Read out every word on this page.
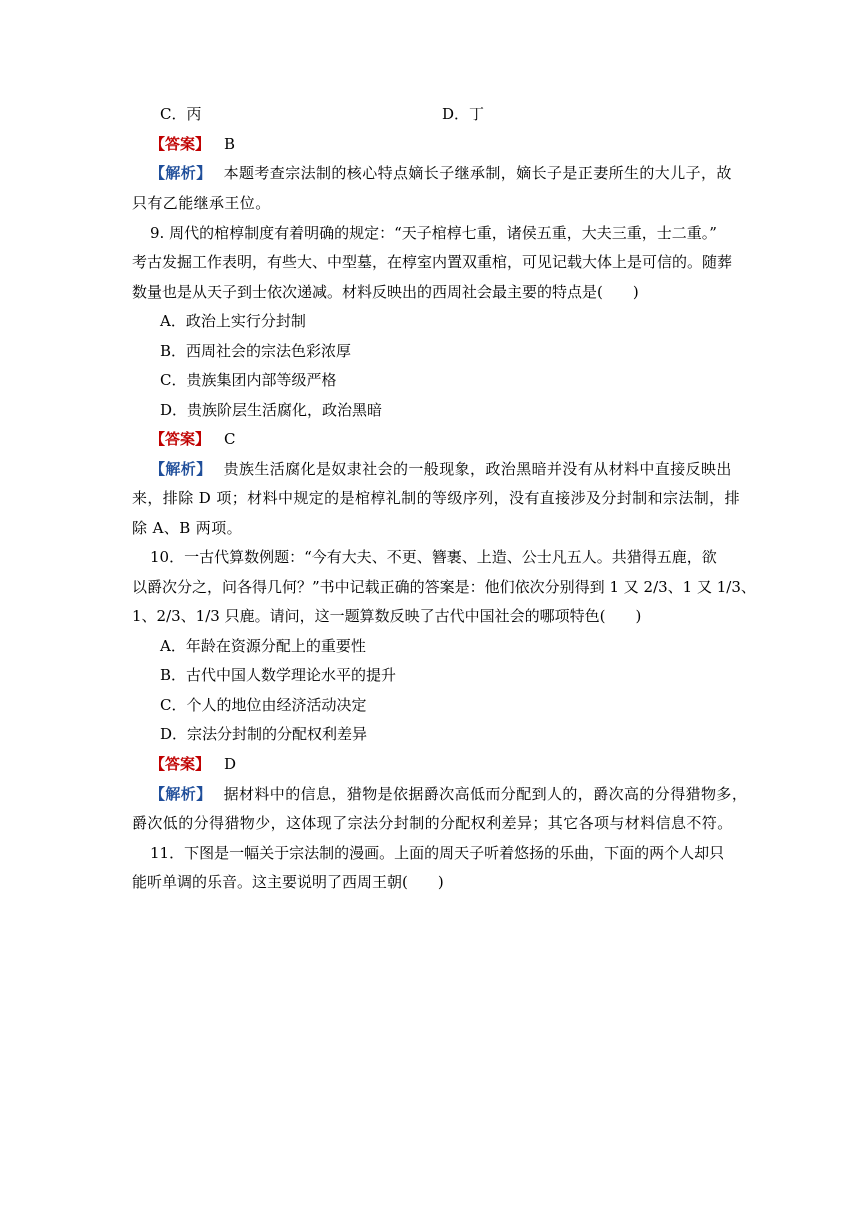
C．丙	D．丁
【答案】 B
【解析】 本题考查宗法制的核心特点嫡长子继承制，嫡长子是正妻所生的大儿子，故
只有乙能继承王位。
9. 周代的棺椁制度有着明确的规定：“天子棺椁七重，诸侯五重，大夫三重，士二重。”
考古发掘工作表明，有些大、中型墓，在椁室内置双重棺，可见记载大体上是可信的。随葬
数量也是从天子到士依次递减。材料反映出的西周社会最主要的特点是(　　)
A．政治上实行分封制
B．西周社会的宗法色彩浓厚
C．贵族集团内部等级严格
D．贵族阶层生活腐化，政治黑暗
【答案】 C
【解析】 贵族生活腐化是奴隶社会的一般现象，政治黑暗并没有从材料中直接反映出
来，排除 D 项；材料中规定的是棺椁礼制的等级序列，没有直接涉及分封制和宗法制，排
除 A、B 两项。
10．一古代算数例题：“今有大夫、不更、簪裹、上造、公士凡五人。共猎得五鹿，欲
以爵次分之，问各得几何？”书中记载正确的答案是：他们依次分别得到 1 又 2/3、1 又 1/3、
1、2/3、1/3 只鹿。请问，这一题算数反映了古代中国社会的哪项特色(　　)
A．年龄在资源分配上的重要性
B．古代中国人数学理论水平的提升
C．个人的地位由经济活动决定
D．宗法分封制的分配权利差异
【答案】 D
【解析】 据材料中的信息，猎物是依据爵次高低而分配到人的，爵次高的分得猎物多，
爵次低的分得猎物少，这体现了宗法分封制的分配权利差异；其它各项与材料信息不符。
11．下图是一幅关于宗法制的漫画。上面的周天子听着悠扬的乐曲，下面的两个人却只
能听单调的乐音。这主要说明了西周王朝(　　)
